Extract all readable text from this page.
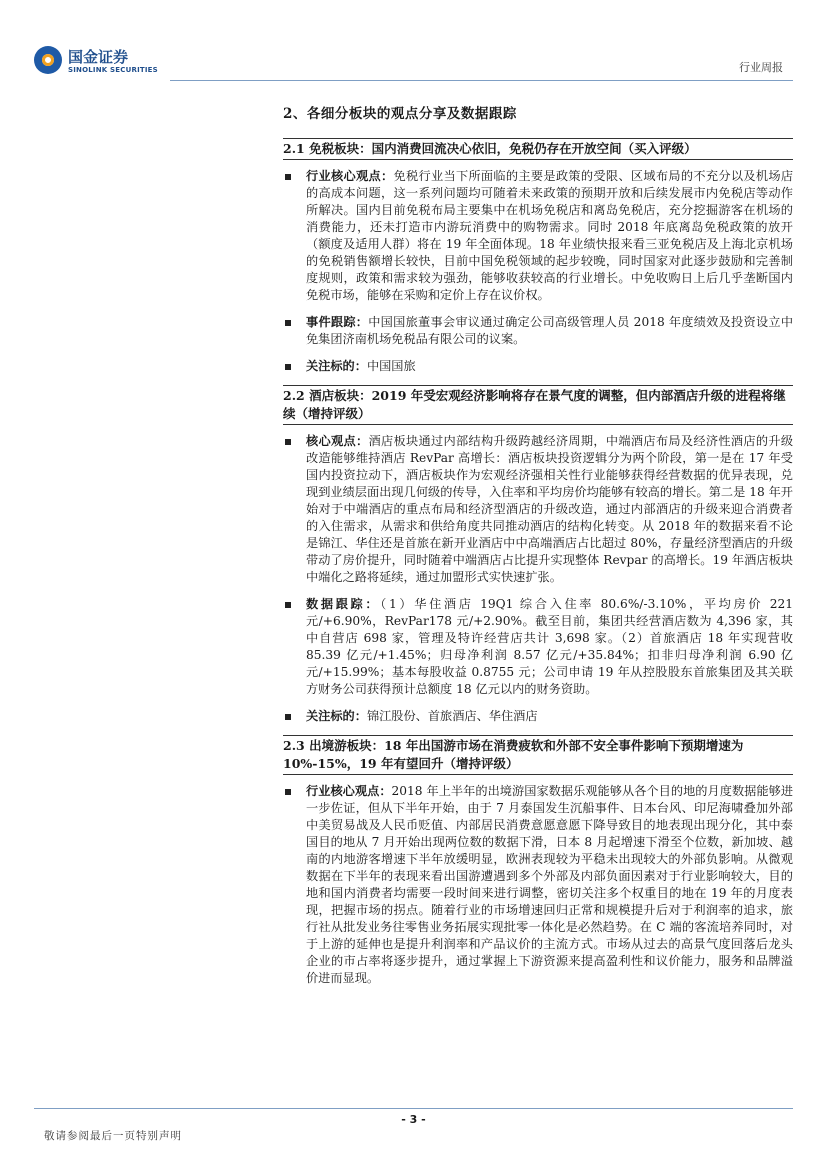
国金证券
SINOLINK SECURITIES	行业周报
2、各细分板块的观点分享及数据跟踪
2.1 免税板块：国内消费回流决心依旧，免税仍存在开放空间（买入评级）
行业核心观点：免税行业当下所面临的主要是政策的受限、区域布局的不充分以及机场店的高成本问题，这一系列问题均可随着未来政策的预期开放和后续发展市内免税店等动作所解决。国内目前免税布局主要集中在机场免税店和离岛免税店，充分挖掘游客在机场的消费能力，还未打造市内游玩消费中的购物需求。同时 2018 年底离岛免税政策的放开（额度及适用人群）将在 19 年全面体现。18 年业绩快报来看三亚免税店及上海北京机场的免税销售额增长较快，目前中国免税领域的起步较晚，同时国家对此逐步鼓励和完善制度规则，政策和需求较为强劲，能够收获较高的行业增长。中免收购日上后几乎垄断国内免税市场，能够在采购和定价上存在议价权。
事件跟踪：中国国旅董事会审议通过确定公司高级管理人员 2018 年度绩效及投资设立中免集团济南机场免税品有限公司的议案。
关注标的：中国国旅
2.2 酒店板块：2019 年受宏观经济影响将存在景气度的调整，但内部酒店升级的进程将继续（增持评级）
核心观点：酒店板块通过内部结构升级跨越经济周期，中端酒店布局及经济性酒店的升级改造能够维持酒店 RevPar 高增长：酒店板块投资逻辑分为两个阶段，第一是在 17 年受国内投资拉动下，酒店板块作为宏观经济强相关性行业能够获得经营数据的优异表现，兑现到业绩层面出现几何级的传导，入住率和平均房价均能够有较高的增长。第二是 18 年开始对于中端酒店的重点布局和经济型酒店的升级改造，通过内部酒店的升级来迎合消费者的入住需求，从需求和供给角度共同推动酒店的结构化转变。从 2018 年的数据来看不论是锦江、华住还是首旅在新开业酒店中中高端酒店占比超过 80%，存量经济型酒店的升级带动了房价提升，同时随着中端酒店占比提升实现整体 Revpar 的高增长。19 年酒店板块中端化之路将延续，通过加盟形式实快速扩张。
数据跟踪：（1）华住酒店 19Q1 综合入住率 80.6%/-3.10%，平均房价 221 元/+6.90%，RevPar178 元/+2.90%。截至目前，集团共经营酒店数为 4,396 家，其中自营店 698 家，管理及特许经营店共计 3,698 家。（2）首旅酒店 18 年实现营收 85.39 亿元/+1.45%；归母净利润 8.57 亿元/+35.84%；扣非归母净利润 6.90 亿元/+15.99%；基本每股收益 0.8755 元；公司申请 19 年从控股股东首旅集团及其关联方财务公司获得预计总额度 18 亿元以内的财务资助。
关注标的：锦江股份、首旅酒店、华住酒店
2.3 出境游板块：18 年出国游市场在消费疲软和外部不安全事件影响下预期增速为 10%-15%，19 年有望回升（增持评级）
行业核心观点：2018 年上半年的出境游国家数据乐观能够从各个目的地的月度数据能够进一步佐证，但从下半年开始，由于 7 月泰国发生沉船事件、日本台风、印尼海啸叠加外部中美贸易战及人民币贬值、内部居民消费意愿意愿下降导致目的地表现出现分化，其中泰国目的地从 7 月开始出现两位数的数据下滑，日本 8 月起增速下滑至个位数，新加坡、越南的内地游客增速下半年放缓明显，欧洲表现较为平稳未出现较大的外部负影响。从微观数据在下半年的表现来看出国游遭遇到多个外部及内部负面因素对于行业影响较大，目的地和国内消费者均需要一段时间来进行调整，密切关注多个权重目的地在 19 年的月度表现，把握市场的拐点。随着行业的市场增速回归正常和规模提升后对于利润率的追求，旅行社从批发业务往零售业务拓展实现批零一体化是必然趋势。在 C 端的客流培养同时，对于上游的延伸也是提升利润率和产品议价的主流方式。市场从过去的高景气度回落后龙头企业的市占率将逐步提升，通过掌握上下游资源来提高盈利性和议价能力，服务和品牌溢价进而显现。
- 3 -
敬请参阅最后一页特别声明
